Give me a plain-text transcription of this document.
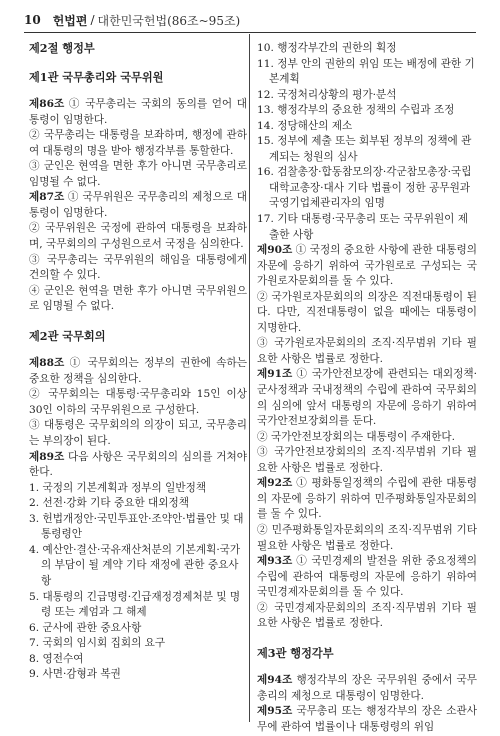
10 헌법편 / 대한민국헌법(86조~95조)

제2절 행정부

제1관 국무총리와 국무위원

제86조 ① 국무총리는 국회의 동의를 얻어 대통령이 임명한다.

② 국무총리는 대통령을 보좌하며, 행정에 관하여 대통령의 명을 받아 행정각부를 통할한다.

③ 군인은 현역을 면한 후가 아니면 국무총리로 임명될 수 없다.

제87조 ① 국무위원은 국무총리의 제청으로 대통령이 임명한다.

② 국무위원은 국정에 관하여 대통령을 보좌하며, 국무회의의 구성원으로서 국정을 심의한다.

③ 국무총리는 국무위원의 해임을 대통령에게 건의할 수 있다.

④ 군인은 현역을 면한 후가 아니면 국무위원으로 임명될 수 없다.

제2관 국무회의

제88조 ① 국무회의는 정부의 권한에 속하는 중요한 정책을 심의한다.

② 국무회의는 대통령·국무총리와 15인 이상 30인 이하의 국무위원으로 구성한다.

③ 대통령은 국무회의의 의장이 되고, 국무총리는 부의장이 된다.

제89조 다음 사항은 국무회의의 심의를 거쳐야 한다.

1. 국정의 기본계획과 정부의 일반정책

2. 선전·강화 기타 중요한 대외정책

3. 헌법개정안·국민투표안·조약안·법률안 및 대통령령안

4. 예산안·결산·국유재산처분의 기본계획·국가의 부담이 될 계약 기타 재정에 관한 중요사항

5. 대통령의 긴급명령·긴급재정경제처분 및 명령 또는 계엄과 그 해제

6. 군사에 관한 중요사항

7. 국회의 임시회 집회의 요구

8. 영전수여

9. 사면·감형과 복권

10. 행정각부간의 권한의 획정

11. 정부 안의 권한의 위임 또는 배정에 관한 기본계획

12. 국정처리상황의 평가·분석

13. 행정각부의 중요한 정책의 수립과 조정

14. 정당해산의 제소

15. 정부에 제출 또는 회부된 정부의 정책에 관계되는 청원의 심사

16. 검찰총장·합동참모의장·각군참모총장·국립대학교총장·대사 기타 법률이 정한 공무원과 국영기업체관리자의 임명

17. 기타 대통령·국무총리 또는 국무위원이 제출한 사항

제90조 ① 국정의 중요한 사항에 관한 대통령의 자문에 응하기 위하여 국가원로로 구성되는 국가원로자문회의를 둘 수 있다.

② 국가원로자문회의의 의장은 직전대통령이 된다. 다만, 직전대통령이 없을 때에는 대통령이 지명한다.

③ 국가원로자문회의의 조직·직무범위 기타 필요한 사항은 법률로 정한다.

제91조 ① 국가안전보장에 관련되는 대외정책·군사정책과 국내정책의 수립에 관하여 국무회의의 심의에 앞서 대통령의 자문에 응하기 위하여 국가안전보장회의를 둔다.

② 국가안전보장회의는 대통령이 주재한다.

③ 국가안전보장회의의 조직·직무범위 기타 필요한 사항은 법률로 정한다.

제92조 ① 평화통일정책의 수립에 관한 대통령의 자문에 응하기 위하여 민주평화통일자문회의를 둘 수 있다.

② 민주평화통일자문회의의 조직·직무범위 기타 필요한 사항은 법률로 정한다.

제93조 ① 국민경제의 발전을 위한 중요정책의 수립에 관하여 대통령의 자문에 응하기 위하여 국민경제자문회의를 둘 수 있다.

② 국민경제자문회의의 조직·직무범위 기타 필요한 사항은 법률로 정한다.

제3관 행정각부

제94조 행정각부의 장은 국무위원 중에서 국무총리의 제청으로 대통령이 임명한다.

제95조 국무총리 또는 행정각부의 장은 소관사무에 관하여 법률이나 대통령령의 위임
